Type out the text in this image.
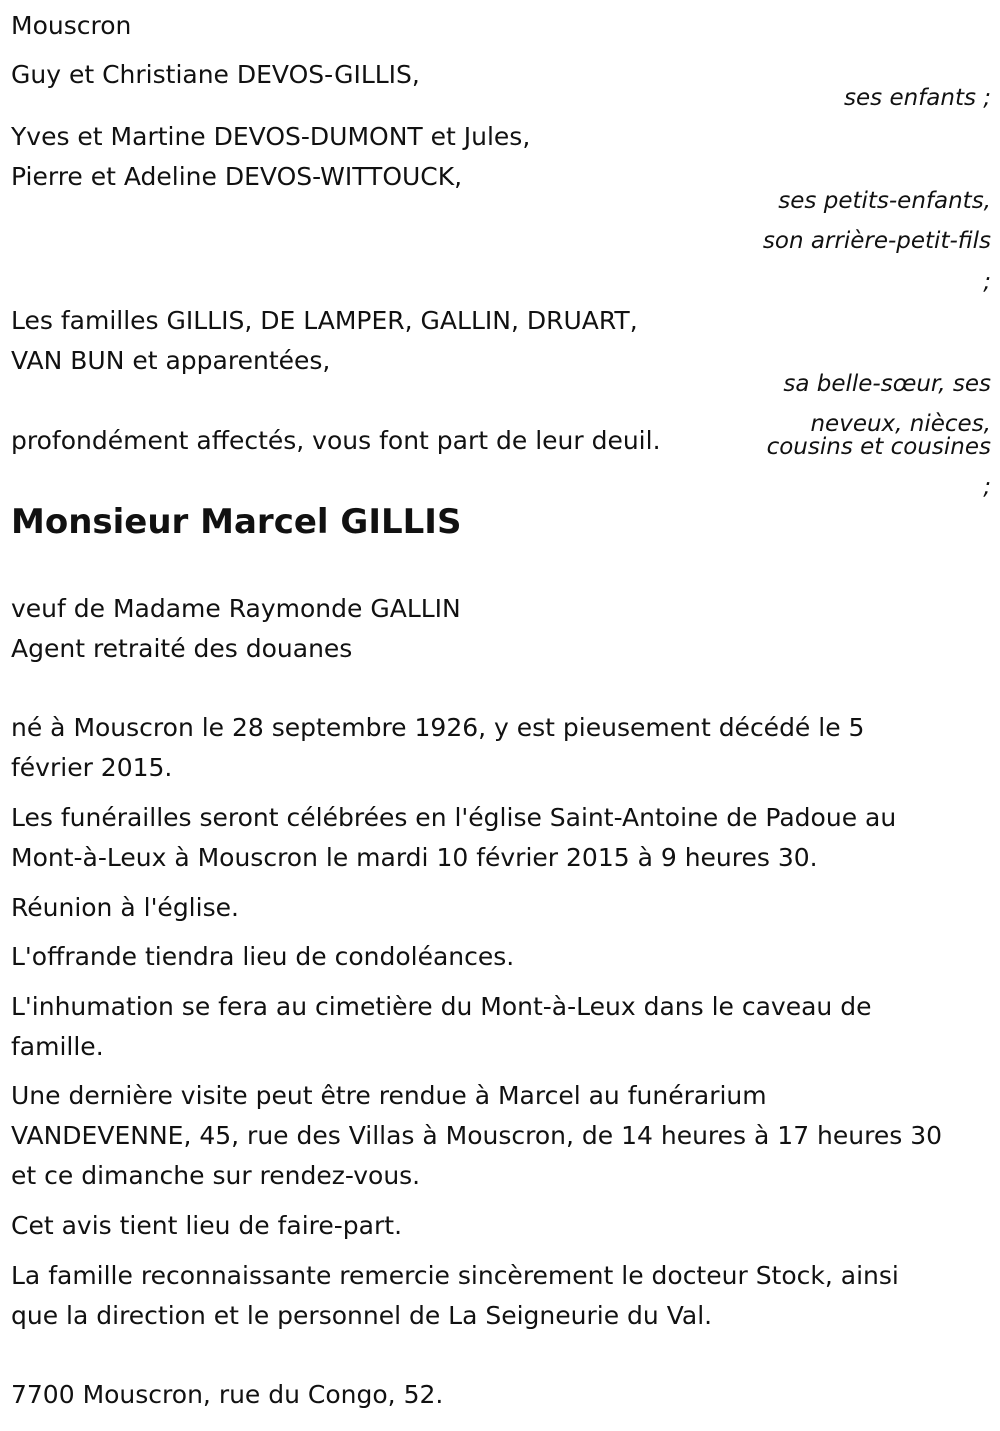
Mouscron

Guy et Christiane DEVOS-GILLIS,

ses enfants ;

Yves et Martine DEVOS-DUMONT et Jules,

Pierre et Adeline DEVOS-WITTOUCK,

ses petits-enfants,

son arrière-petit-fils

;

Les familles GILLIS, DE LAMPER, GALLIN, DRUART,

VAN BUN et apparentées,

sa belle-sœur, ses

neveux, nièces,

cousins et cousines

;

profondément affectés, vous font part de leur deuil.

Monsieur Marcel GILLIS

veuf de Madame Raymonde GALLIN

Agent retraité des douanes

né à Mouscron le 28 septembre 1926, y est pieusement décédé le 5

février 2015.

Les funérailles seront célébrées en l'église Saint-Antoine de Padoue au

Mont-à-Leux à Mouscron le mardi 10 février 2015 à 9 heures 30.

Réunion à l'église.

L'offrande tiendra lieu de condoléances.

L'inhumation se fera au cimetière du Mont-à-Leux dans le caveau de

famille.

Une dernière visite peut être rendue à Marcel au funérarium

VANDEVENNE, 45, rue des Villas à Mouscron, de 14 heures à 17 heures 30

et ce dimanche sur rendez-vous.

Cet avis tient lieu de faire-part.

La famille reconnaissante remercie sincèrement le docteur Stock, ainsi

que la direction et le personnel de La Seigneurie du Val.

7700 Mouscron, rue du Congo, 52.
